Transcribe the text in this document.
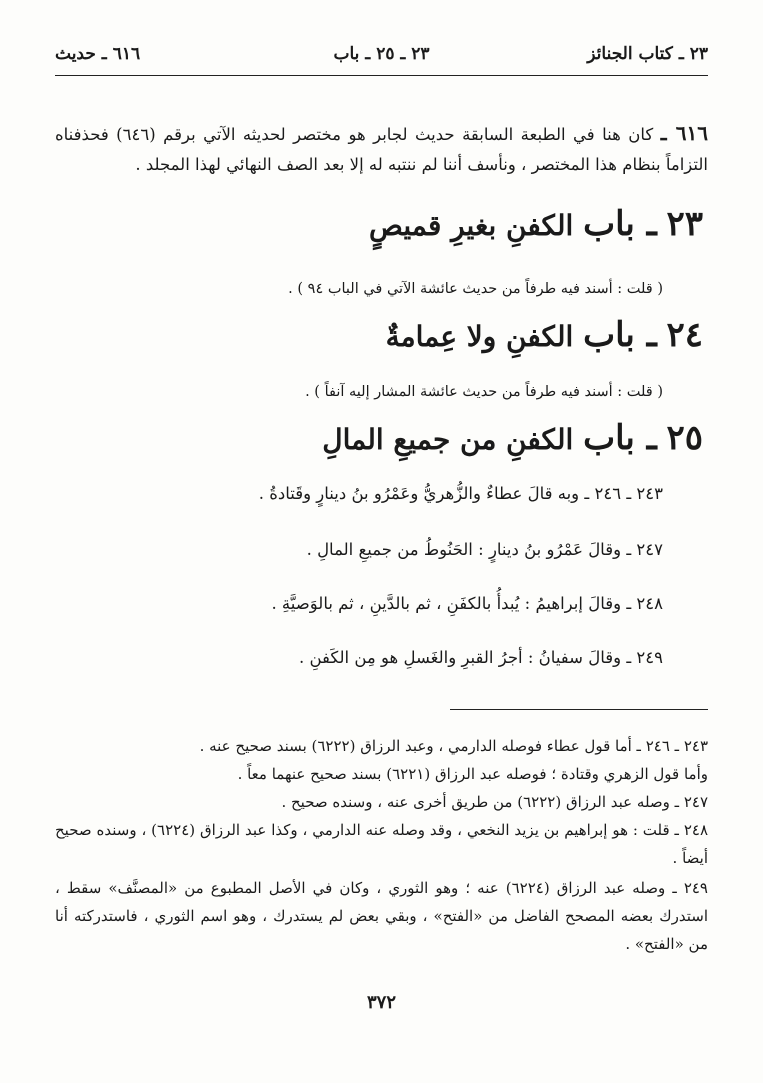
٢٣ ـ كتاب الجنائز
٢٣ ـ ٢٥ ـ باب
٦١٦ ـ حديث
٦١٦ ـ كان هنا في الطبعة السابقة حديث لجابر هو مختصر لحديثه الآتي برقم (٦٤٦) فحذفناه التزاماً بنظام هذا المختصر ، ونأسف أننا لم ننتبه له إلا بعد الصف النهائي لهذا المجلد .
٢٣ ـ باب الكفنِ بغيرِ قميصٍ
( قلت : أسند فيه طرفاً من حديث عائشة الآتي في الباب ٩٤ ) .
٢٤ ـ باب الكفنِ ولا عِمامةٌ
( قلت : أسند فيه طرفاً من حديث عائشة المشار إليه آنفاً ) .
٢٥ ـ باب الكفنِ من جميعِ المالِ
٢٤٣ ـ ٢٤٦ ـ وبه قالَ عطاءٌ والزُّهريُّ وعَمْرُو بنُ دينارٍ وقَتادةُ .
٢٤٧ ـ وقالَ عَمْرُو بنُ دينارٍ : الحَنُوطُ من جميعِ المالِ .
٢٤٨ ـ وقالَ إبراهيمُ : يُبدأُ بالكفَنِ ، ثم بالدَّينِ ، ثم بالوَصيَّةِ .
٢٤٩ ـ وقالَ سفيانُ : أجرُ القبرِ والغَسلِ هو مِن الكَفنِ .
٢٤٣ ـ ٢٤٦ ـ أما قول عطاء فوصله الدارمي ، وعبد الرزاق (٦٢٢٢) بسند صحيح عنه .
وأما قول الزهري وقتادة ؛ فوصله عبد الرزاق (٦٢٢١) بسند صحيح عنهما معاً .
٢٤٧ ـ وصله عبد الرزاق (٦٢٢٢) من طريق أخرى عنه ، وسنده صحيح .
٢٤٨ ـ قلت : هو إبراهيم بن يزيد النخعي ، وقد وصله عنه الدارمي ، وكذا عبد الرزاق (٦٢٢٤) ، وسنده صحيح أيضاً .
٢٤٩ ـ وصله عبد الرزاق (٦٢٢٤) عنه ؛ وهو الثوري ، وكان في الأصل المطبوع من «المصنَّف» سقط ، استدرك بعضه المصحح الفاضل من «الفتح» ، وبقي بعض لم يستدرك ، وهو اسم الثوري ، فاستدركته أنا من «الفتح» .
٣٧٢
